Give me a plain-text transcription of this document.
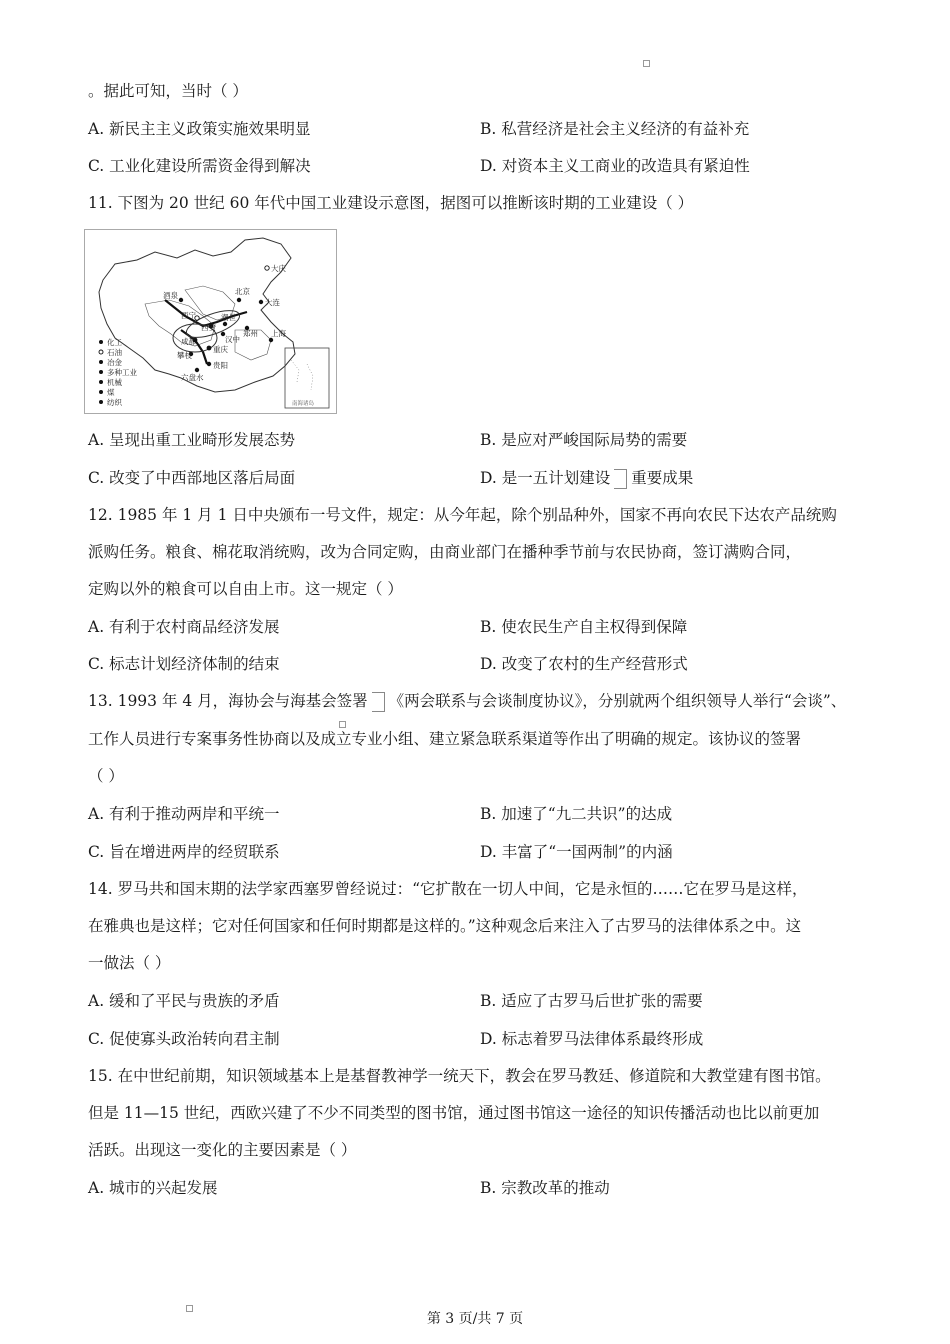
。据此可知，当时（ ）
A. 新民主主义政策实施效果明显	B. 私营经济是社会主义经济的有益补充
C. 工业化建设所需资金得到解决	D. 对资本主义工商业的改造具有紧迫性
11. 下图为 20 世纪 60 年代中国工业建设示意图，据图可以推断该时期的工业建设（ ）
南海诸岛
大庆
酒泉	北京
大连
西宁
西安
潮世
郑州
成都	汉中
上海
重庆
攀枝
贵阳
六盘水
化工
石油
冶金
多种工业
机械
煤
纺织
A. 呈现出重工业畸形发展态势	B. 是应对严峻国际局势的需要
C. 改变了中西部地区落后局面	D. 是一五计划建设 重要成果
12. 1985 年 1 月 1 日中央颁布一号文件，规定：从今年起，除个别品种外，国家不再向农民下达农产品统购
派购任务。粮食、棉花取消统购，改为合同定购，由商业部门在播种季节前与农民协商，签订满购合同，
定购以外的粮食可以自由上市。这一规定（ ）
A. 有利于农村商品经济发展	B. 使农民生产自主权得到保障
C. 标志计划经济体制的结束	D. 改变了农村的生产经营形式
13. 1993 年 4 月，海协会与海基会签署 《两会联系与会谈制度协议》，分别就两个组织领导人举行“会谈”、
工作人员进行专案事务性协商以及成立专业小组、建立紧急联系渠道等作出了明确的规定。该协议的签署
（ ）
A. 有利于推动两岸和平统一	B. 加速了“九二共识”的达成
C. 旨在增进两岸的经贸联系	D. 丰富了“一国两制”的内涵
14. 罗马共和国末期的法学家西塞罗曾经说过：“它扩散在一切人中间，它是永恒的……它在罗马是这样，
在雅典也是这样；它对任何国家和任何时期都是这样的。”这种观念后来注入了古罗马的法律体系之中。这
一做法（ ）
A. 缓和了平民与贵族的矛盾	B. 适应了古罗马后世扩张的需要
C. 促使寡头政治转向君主制	D. 标志着罗马法律体系最终形成
15. 在中世纪前期，知识领域基本上是基督教神学一统天下，教会在罗马教廷、修道院和大教堂建有图书馆。
但是 11—15 世纪，西欧兴建了不少不同类型的图书馆，通过图书馆这一途径的知识传播活动也比以前更加
活跃。出现这一变化的主要因素是（ ）
A. 城市的兴起发展	B. 宗教改革的推动
第 3 页/共 7 页
